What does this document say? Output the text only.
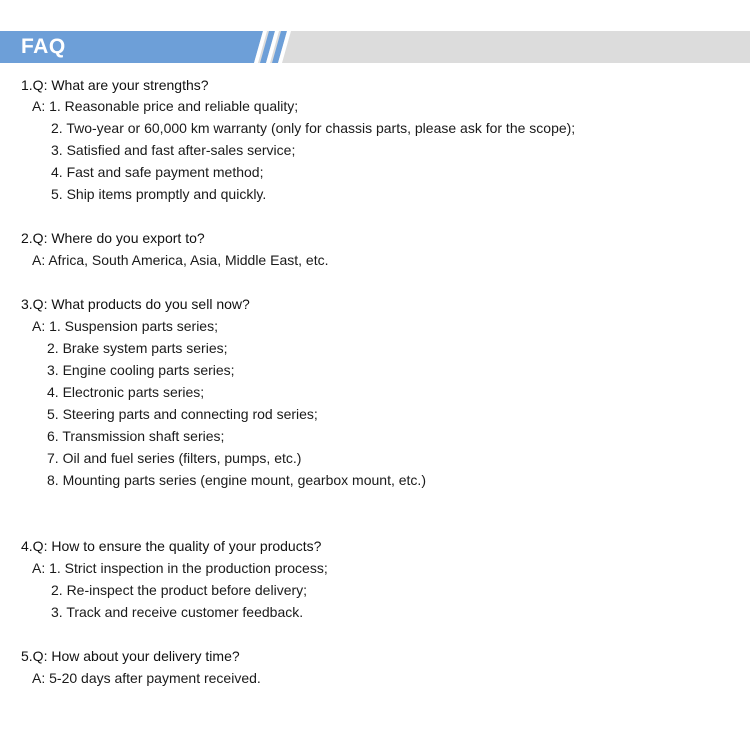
FAQ
1.Q: What are your strengths?
A: 1. Reasonable price and reliable quality;
2. Two-year or 60,000 km warranty (only for chassis parts, please ask for the scope);
3. Satisfied and fast after-sales service;
4. Fast and safe payment method;
5. Ship items promptly and quickly.
2.Q: Where do you export to?
A: Africa, South America, Asia, Middle East, etc.
3.Q: What products do you sell now?
A: 1. Suspension parts series;
2. Brake system parts series;
3. Engine cooling parts series;
4. Electronic parts series;
5. Steering parts and connecting rod series;
6. Transmission shaft series;
7. Oil and fuel series (filters, pumps, etc.)
8. Mounting parts series (engine mount, gearbox mount, etc.)
4.Q: How to ensure the quality of your products?
A: 1. Strict inspection in the production process;
2. Re-inspect the product before delivery;
3. Track and receive customer feedback.
5.Q: How about your delivery time?
A: 5-20 days after payment received.
